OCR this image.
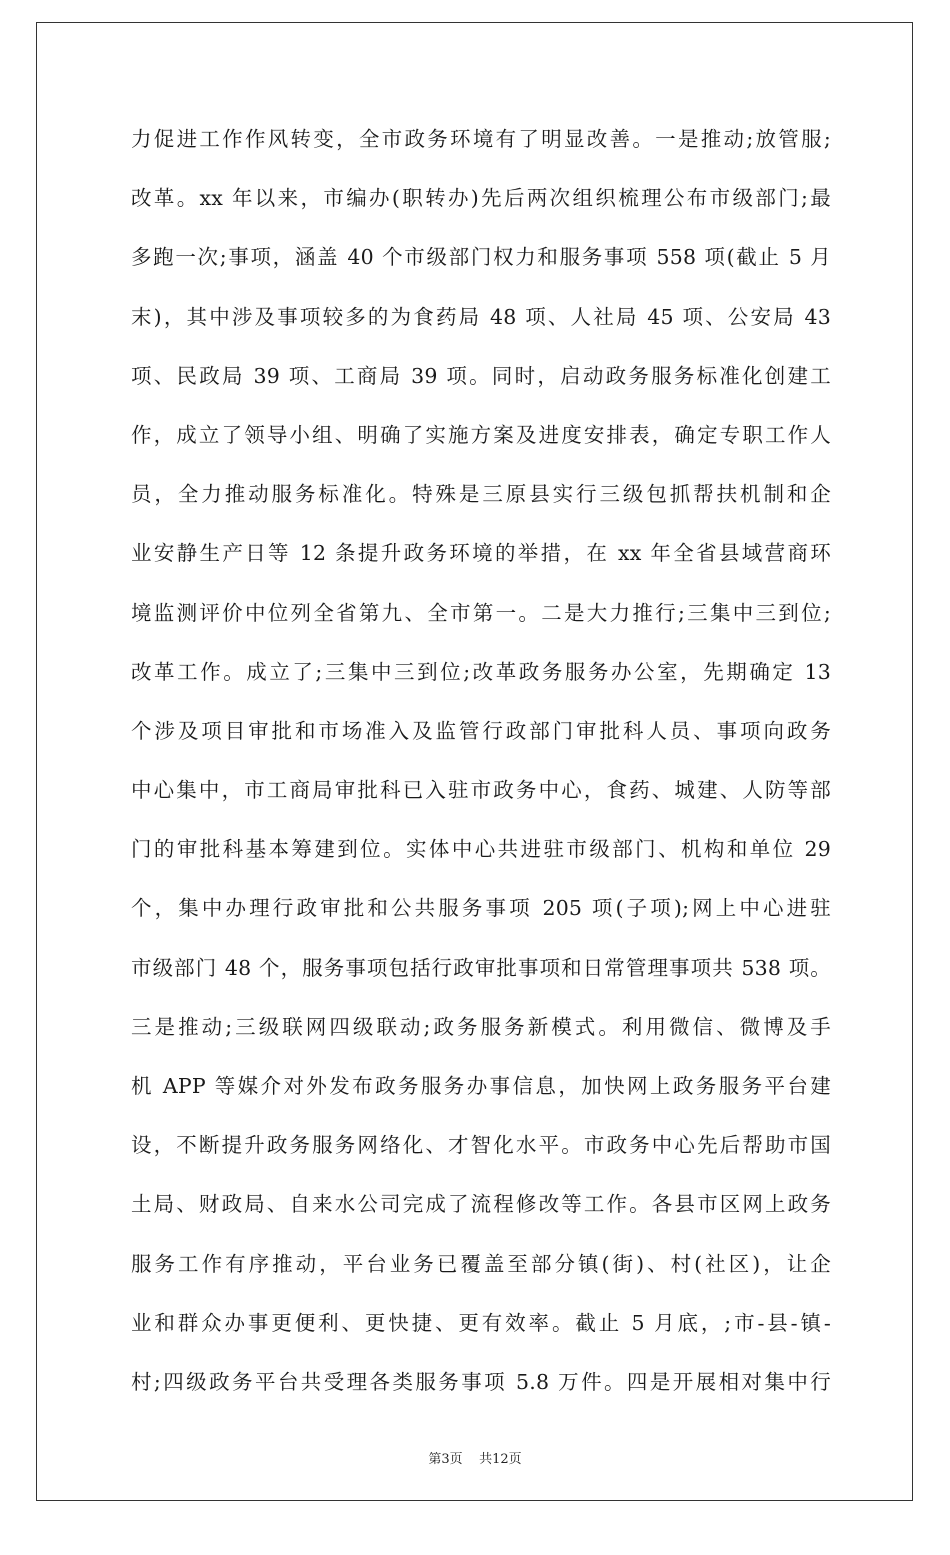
力促进工作作风转变，全市政务环境有了明显改善。一是推动;放管服;
改革。xx 年以来，市编办(职转办)先后两次组织梳理公布市级部门;最
多跑一次;事项，涵盖 40 个市级部门权力和服务事项 558 项(截止 5 月
末)，其中涉及事项较多的为食药局 48 项、人社局 45 项、公安局 43
项、民政局 39 项、工商局 39 项。同时，启动政务服务标准化创建工
作，成立了领导小组、明确了实施方案及进度安排表，确定专职工作人
员，全力推动服务标准化。特殊是三原县实行三级包抓帮扶机制和企
业安静生产日等 12 条提升政务环境的举措，在 xx 年全省县域营商环
境监测评价中位列全省第九、全市第一。二是大力推行;三集中三到位;
改革工作。成立了;三集中三到位;改革政务服务办公室，先期确定 13
个涉及项目审批和市场准入及监管行政部门审批科人员、事项向政务
中心集中，市工商局审批科已入驻市政务中心，食药、城建、人防等部
门的审批科基本筹建到位。实体中心共进驻市级部门、机构和单位 29
个，集中办理行政审批和公共服务事项 205 项(子项);网上中心进驻
市级部门 48 个，服务事项包括行政审批事项和日常管理事项共 538 项。
三是推动;三级联网四级联动;政务服务新模式。利用微信、微博及手
机 APP 等媒介对外发布政务服务办事信息，加快网上政务服务平台建
设，不断提升政务服务网络化、才智化水平。市政务中心先后帮助市国
土局、财政局、自来水公司完成了流程修改等工作。各县市区网上政务
服务工作有序推动，平台业务已覆盖至部分镇(街)、村(社区)，让企
业和群众办事更便利、更快捷、更有效率。截止 5 月底，;市-县-镇-
村;四级政务平台共受理各类服务事项 5.8 万件。四是开展相对集中行
第3页    共12页
